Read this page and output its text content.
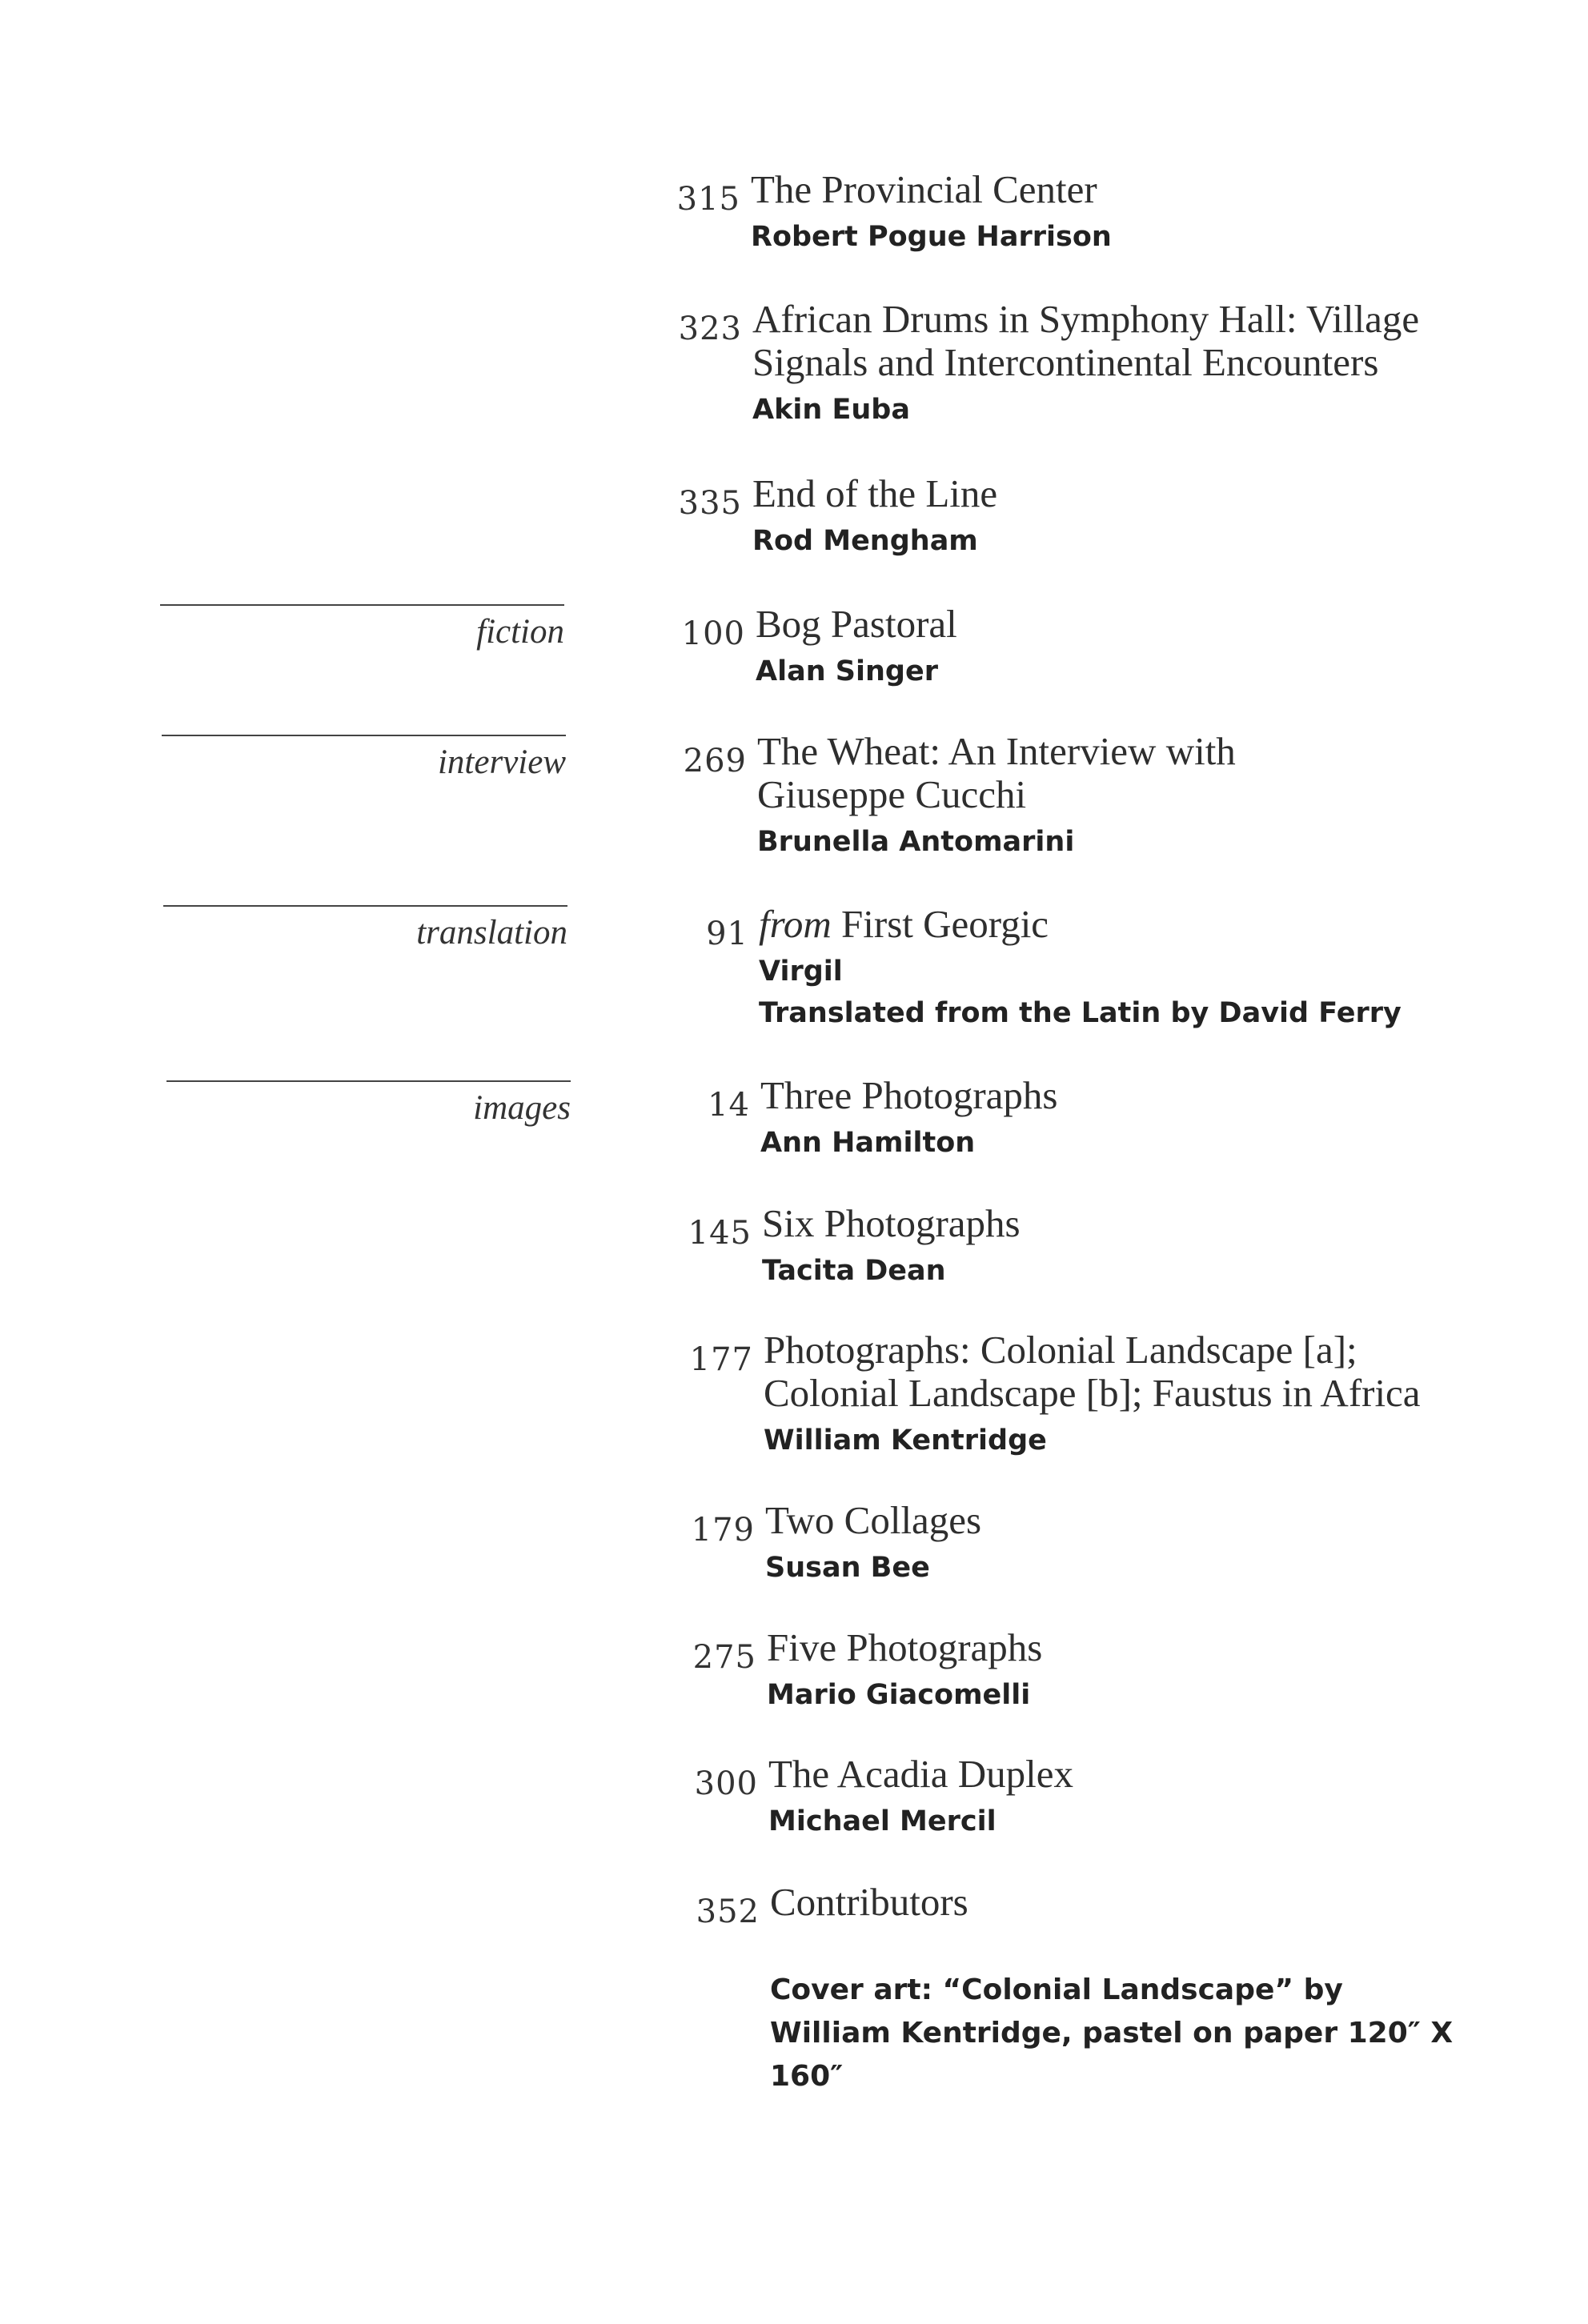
fiction
interview
translation
images
315 The Provincial Center
Robert Pogue Harrison
323 African Drums in Symphony Hall: Village Signals and Intercontinental Encounters
Akin Euba
335 End of the Line
Rod Mengham
100 Bog Pastoral
Alan Singer
269 The Wheat: An Interview with Giuseppe Cucchi
Brunella Antomarini
91 from First Georgic
Virgil
Translated from the Latin by David Ferry
14 Three Photographs
Ann Hamilton
145 Six Photographs
Tacita Dean
177 Photographs: Colonial Landscape [a]; Colonial Landscape [b]; Faustus in Africa
William Kentridge
179 Two Collages
Susan Bee
275 Five Photographs
Mario Giacomelli
300 The Acadia Duplex
Michael Mercil
352 Contributors
Cover art: “Colonial Landscape” by William Kentridge, pastel on paper 120″ X 160″
